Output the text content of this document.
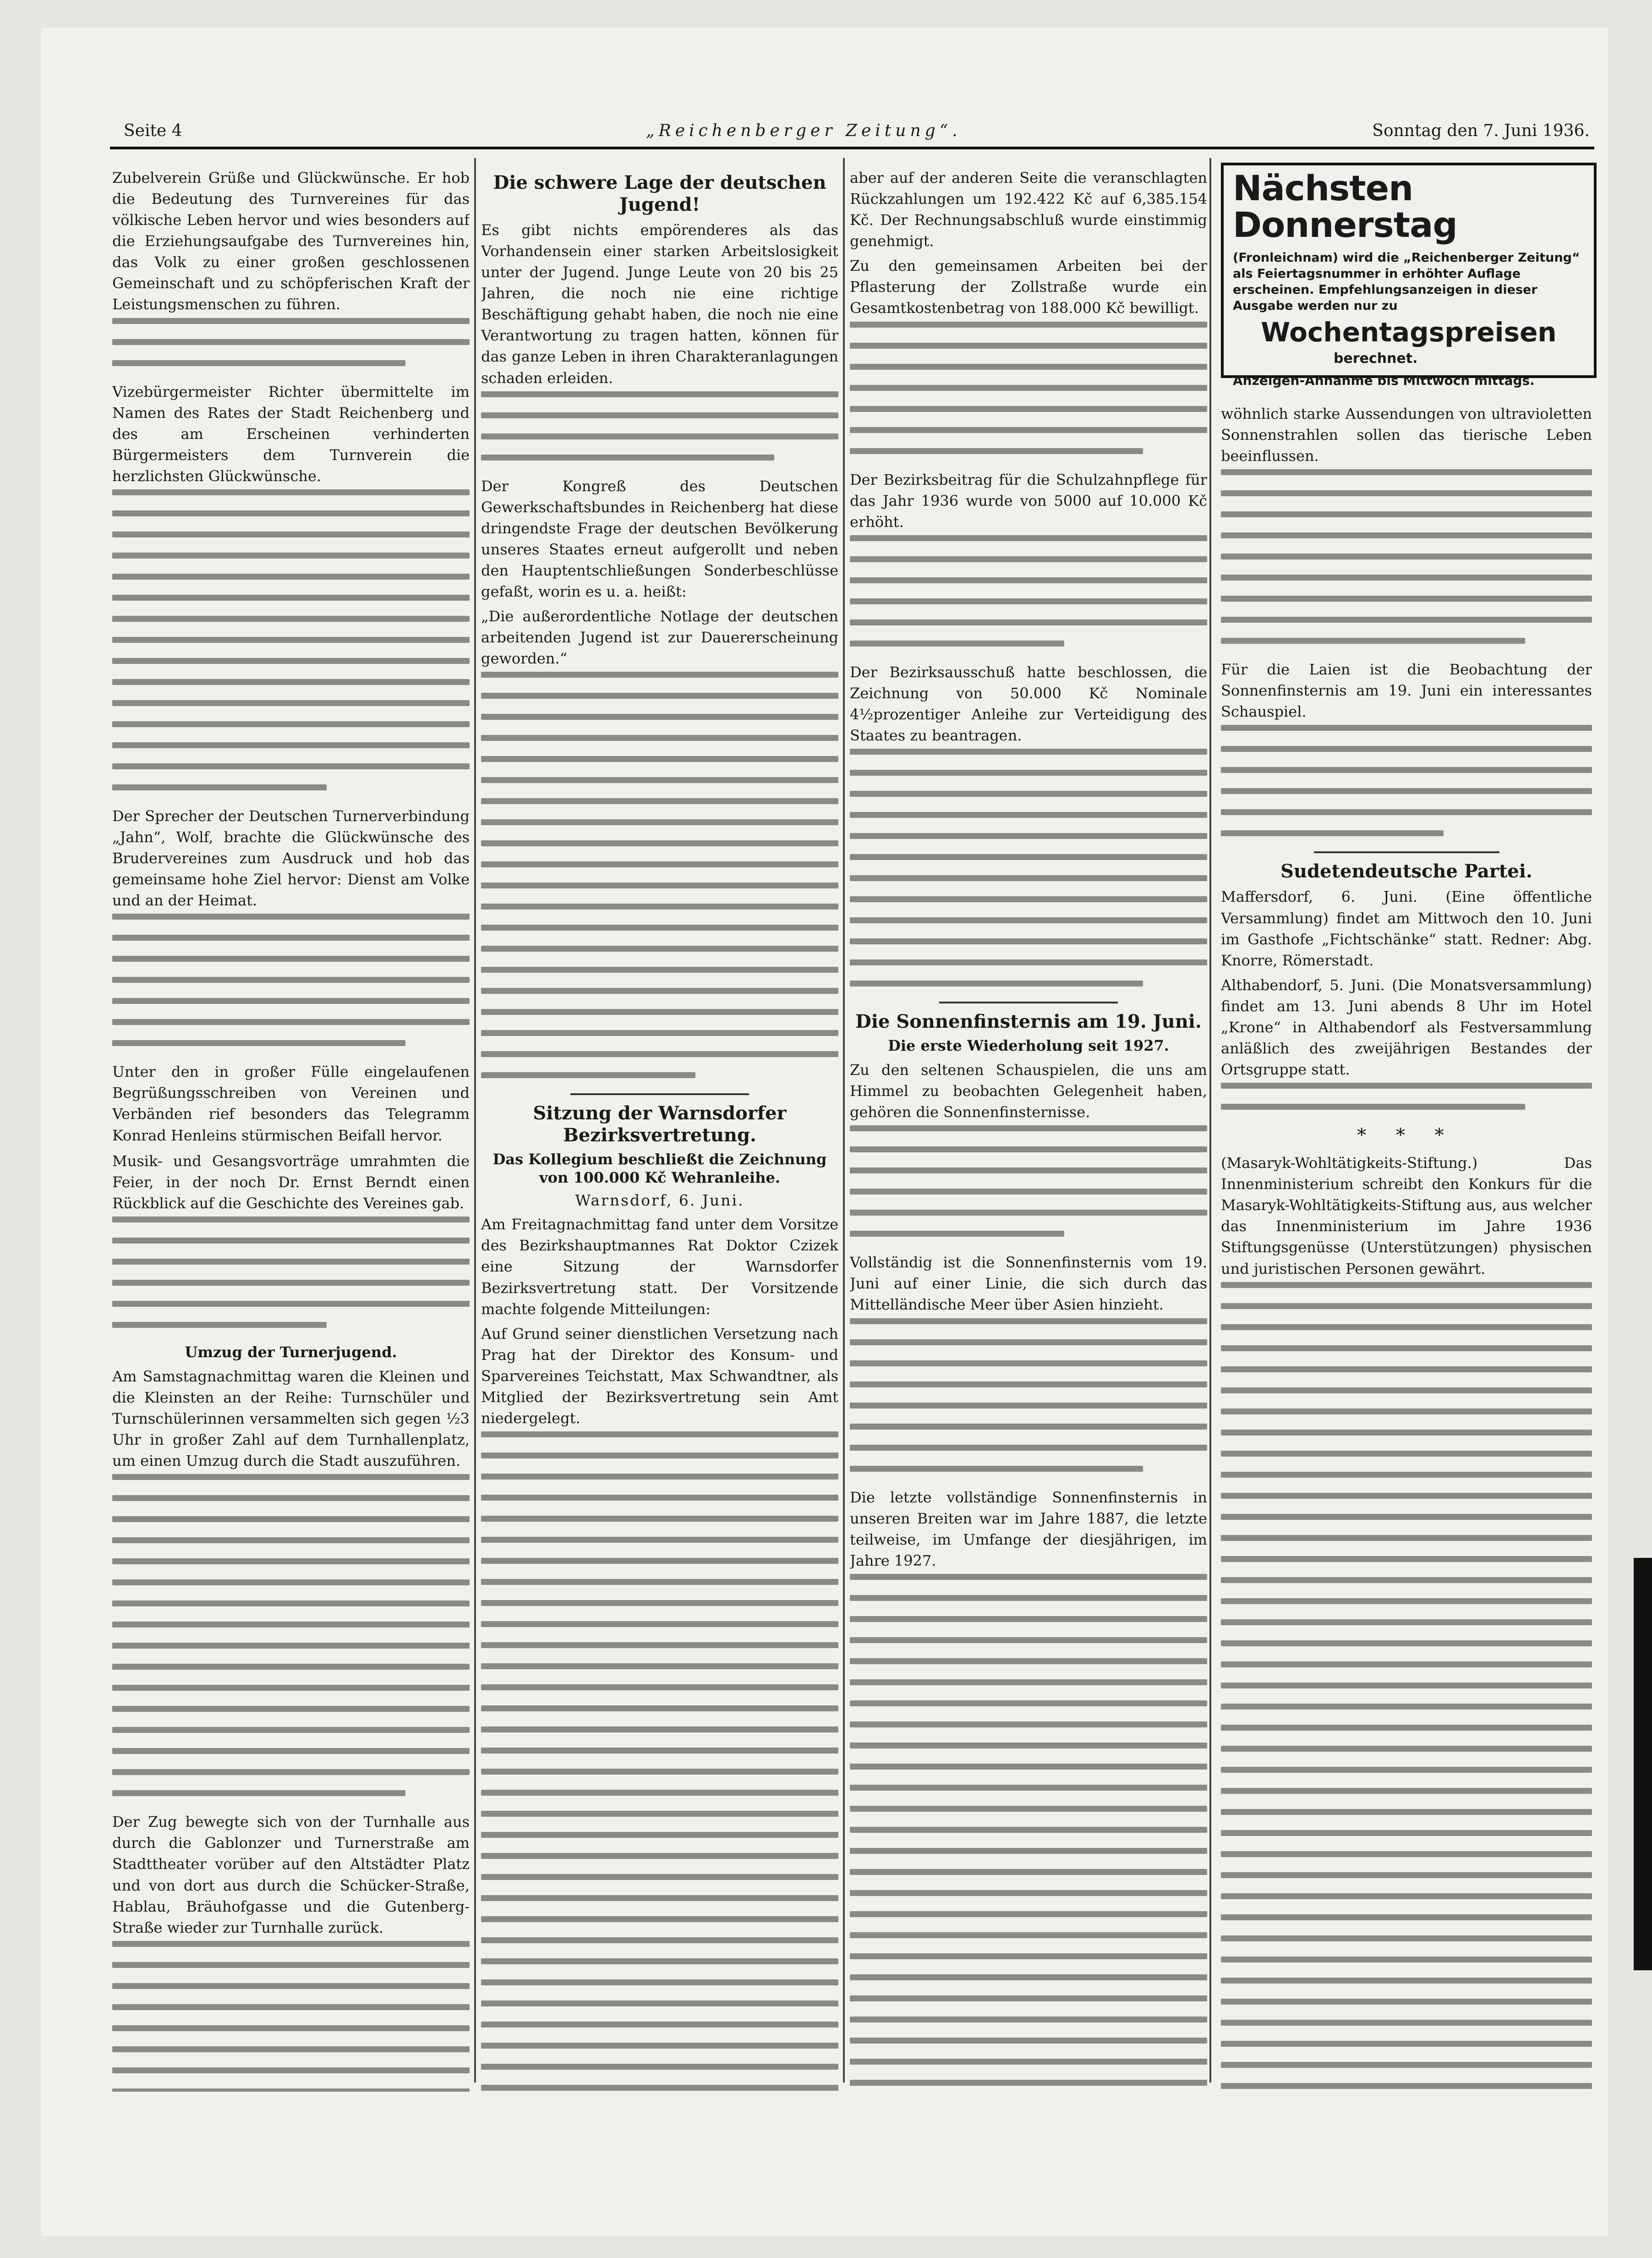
Seite 4	„Reichenberger Zeitung“.	Sonntag den 7. Juni 1936.

Zubelverein Grüße und Glückwünsche. Er hob die Bedeutung des Turnvereines für das völkische Leben hervor und wies besonders auf die Erziehungsaufgabe des Turnvereines hin, das Volk zu einer großen geschlossenen Gemeinschaft und zu schöpferischen Kraft der Leistungsmenschen zu führen.

Vizebürgermeister Richter übermittelte im Namen des Rates der Stadt Reichenberg und des am Erscheinen verhinderten Bürgermeisters dem Turnverein die herzlichsten Glückwünsche.

Der Sprecher der Deutschen Turnerverbindung „Jahn“, Wolf, brachte die Glückwünsche des Brudervereines zum Ausdruck und hob das gemeinsame hohe Ziel hervor: Dienst am Volke und an der Heimat.

Unter den in großer Fülle eingelaufenen Begrüßungsschreiben von Vereinen und Verbänden rief besonders das Telegramm Konrad Henleins stürmischen Beifall hervor.

Musik- und Gesangsvorträge umrahmten die Feier, in der noch Dr. Ernst Berndt einen Rückblick auf die Geschichte des Vereines gab.

Umzug der Turnerjugend.

Am Samstagnachmittag waren die Kleinen und die Kleinsten an der Reihe: Turnschüler und Turnschülerinnen versammelten sich gegen ½3 Uhr in großer Zahl auf dem Turnhallenplatz, um einen Umzug durch die Stadt auszuführen.

Der Zug bewegte sich von der Turnhalle aus durch die Gablonzer und Turnerstraße am Stadttheater vorüber auf den Altstädter Platz und von dort aus durch die Schücker-Straße, Hablau, Bräuhofgasse und die Gutenberg-Straße wieder zur Turnhalle zurück.

Die schwere Lage der deutschen Jugend!

Es gibt nichts empörenderes als das Vorhandensein einer starken Arbeitslosigkeit unter der Jugend. Junge Leute von 20 bis 25 Jahren, die noch nie eine richtige Beschäftigung gehabt haben, die noch nie eine Verantwortung zu tragen hatten, können für das ganze Leben in ihren Charakteranlagungen schaden erleiden.

Der Kongreß des Deutschen Gewerkschaftsbundes in Reichenberg hat diese dringendste Frage der deutschen Bevölkerung unseres Staates erneut aufgerollt und neben den Hauptentschließungen Sonderbeschlüsse gefaßt, worin es u. a. heißt:

„Die außerordentliche Notlage der deutschen arbeitenden Jugend ist zur Dauererscheinung geworden.“

Sitzung der Warnsdorfer Bezirksvertretung.
Das Kollegium beschließt die Zeichnung von 100.000 Kč Wehranleihe.
Warnsdorf, 6. Juni.

Am Freitagnachmittag fand unter dem Vorsitze des Bezirkshauptmannes Rat Doktor Czizek eine Sitzung der Warnsdorfer Bezirksvertretung statt. Der Vorsitzende machte folgende Mitteilungen:

Auf Grund seiner dienstlichen Versetzung nach Prag hat der Direktor des Konsum- und Sparvereines Teichstatt, Max Schwandtner, als Mitglied der Bezirksvertretung sein Amt niedergelegt.

aber auf der anderen Seite die veranschlagten Rückzahlungen um 192.422 Kč auf 6,385.154 Kč. Der Rechnungsabschluß wurde einstimmig genehmigt.

Zu den gemeinsamen Arbeiten bei der Pflasterung der Zollstraße wurde ein Gesamtkostenbetrag von 188.000 Kč bewilligt.

Der Bezirksbeitrag für die Schulzahnpflege für das Jahr 1936 wurde von 5000 auf 10.000 Kč erhöht.

Der Bezirksausschuß hatte beschlossen, die Zeichnung von 50.000 Kč Nominale 4½prozentiger Anleihe zur Verteidigung des Staates zu beantragen.

Die Sonnenfinsternis am 19. Juni.
Die erste Wiederholung seit 1927.

Zu den seltenen Schauspielen, die uns am Himmel zu beobachten Gelegenheit haben, gehören die Sonnenfinsternisse.

Vollständig ist die Sonnenfinsternis vom 19. Juni auf einer Linie, die sich durch das Mittelländische Meer über Asien hinzieht.

Die letzte vollständige Sonnenfinsternis in unseren Breiten war im Jahre 1887, die letzte teilweise, im Umfange der diesjährigen, im Jahre 1927.

Nächsten Donnerstag

(Fronleichnam) wird die „Reichenberger Zeitung“ als Feiertagsnummer in erhöhter Auflage erscheinen. Empfehlungsanzeigen in dieser Ausgabe werden nur zu

Wochentagspreisen
berechnet.
Anzeigen-Annahme bis Mittwoch mittags.

wöhnlich starke Aussendungen von ultravioletten Sonnenstrahlen sollen das tierische Leben beeinflussen.

Für die Laien ist die Beobachtung der Sonnenfinsternis am 19. Juni ein interessantes Schauspiel.

Sudetendeutsche Partei.

Maffersdorf, 6. Juni. (Eine öffentliche Versammlung) findet am Mittwoch den 10. Juni im Gasthofe „Fichtschänke“ statt. Redner: Abg. Knorre, Römerstadt.

Althabendorf, 5. Juni. (Die Monatsversammlung) findet am 13. Juni abends 8 Uhr im Hotel „Krone“ in Althabendorf als Festversammlung anläßlich des zweijährigen Bestandes der Ortsgruppe statt.

* * *

(Masaryk-Wohltätigkeits-Stiftung.) Das Innenministerium schreibt den Konkurs für die Masaryk-Wohltätigkeits-Stiftung aus, aus welcher das Innenministerium im Jahre 1936 Stiftungsgenüsse (Unterstützungen) physischen und juristischen Personen gewährt.
